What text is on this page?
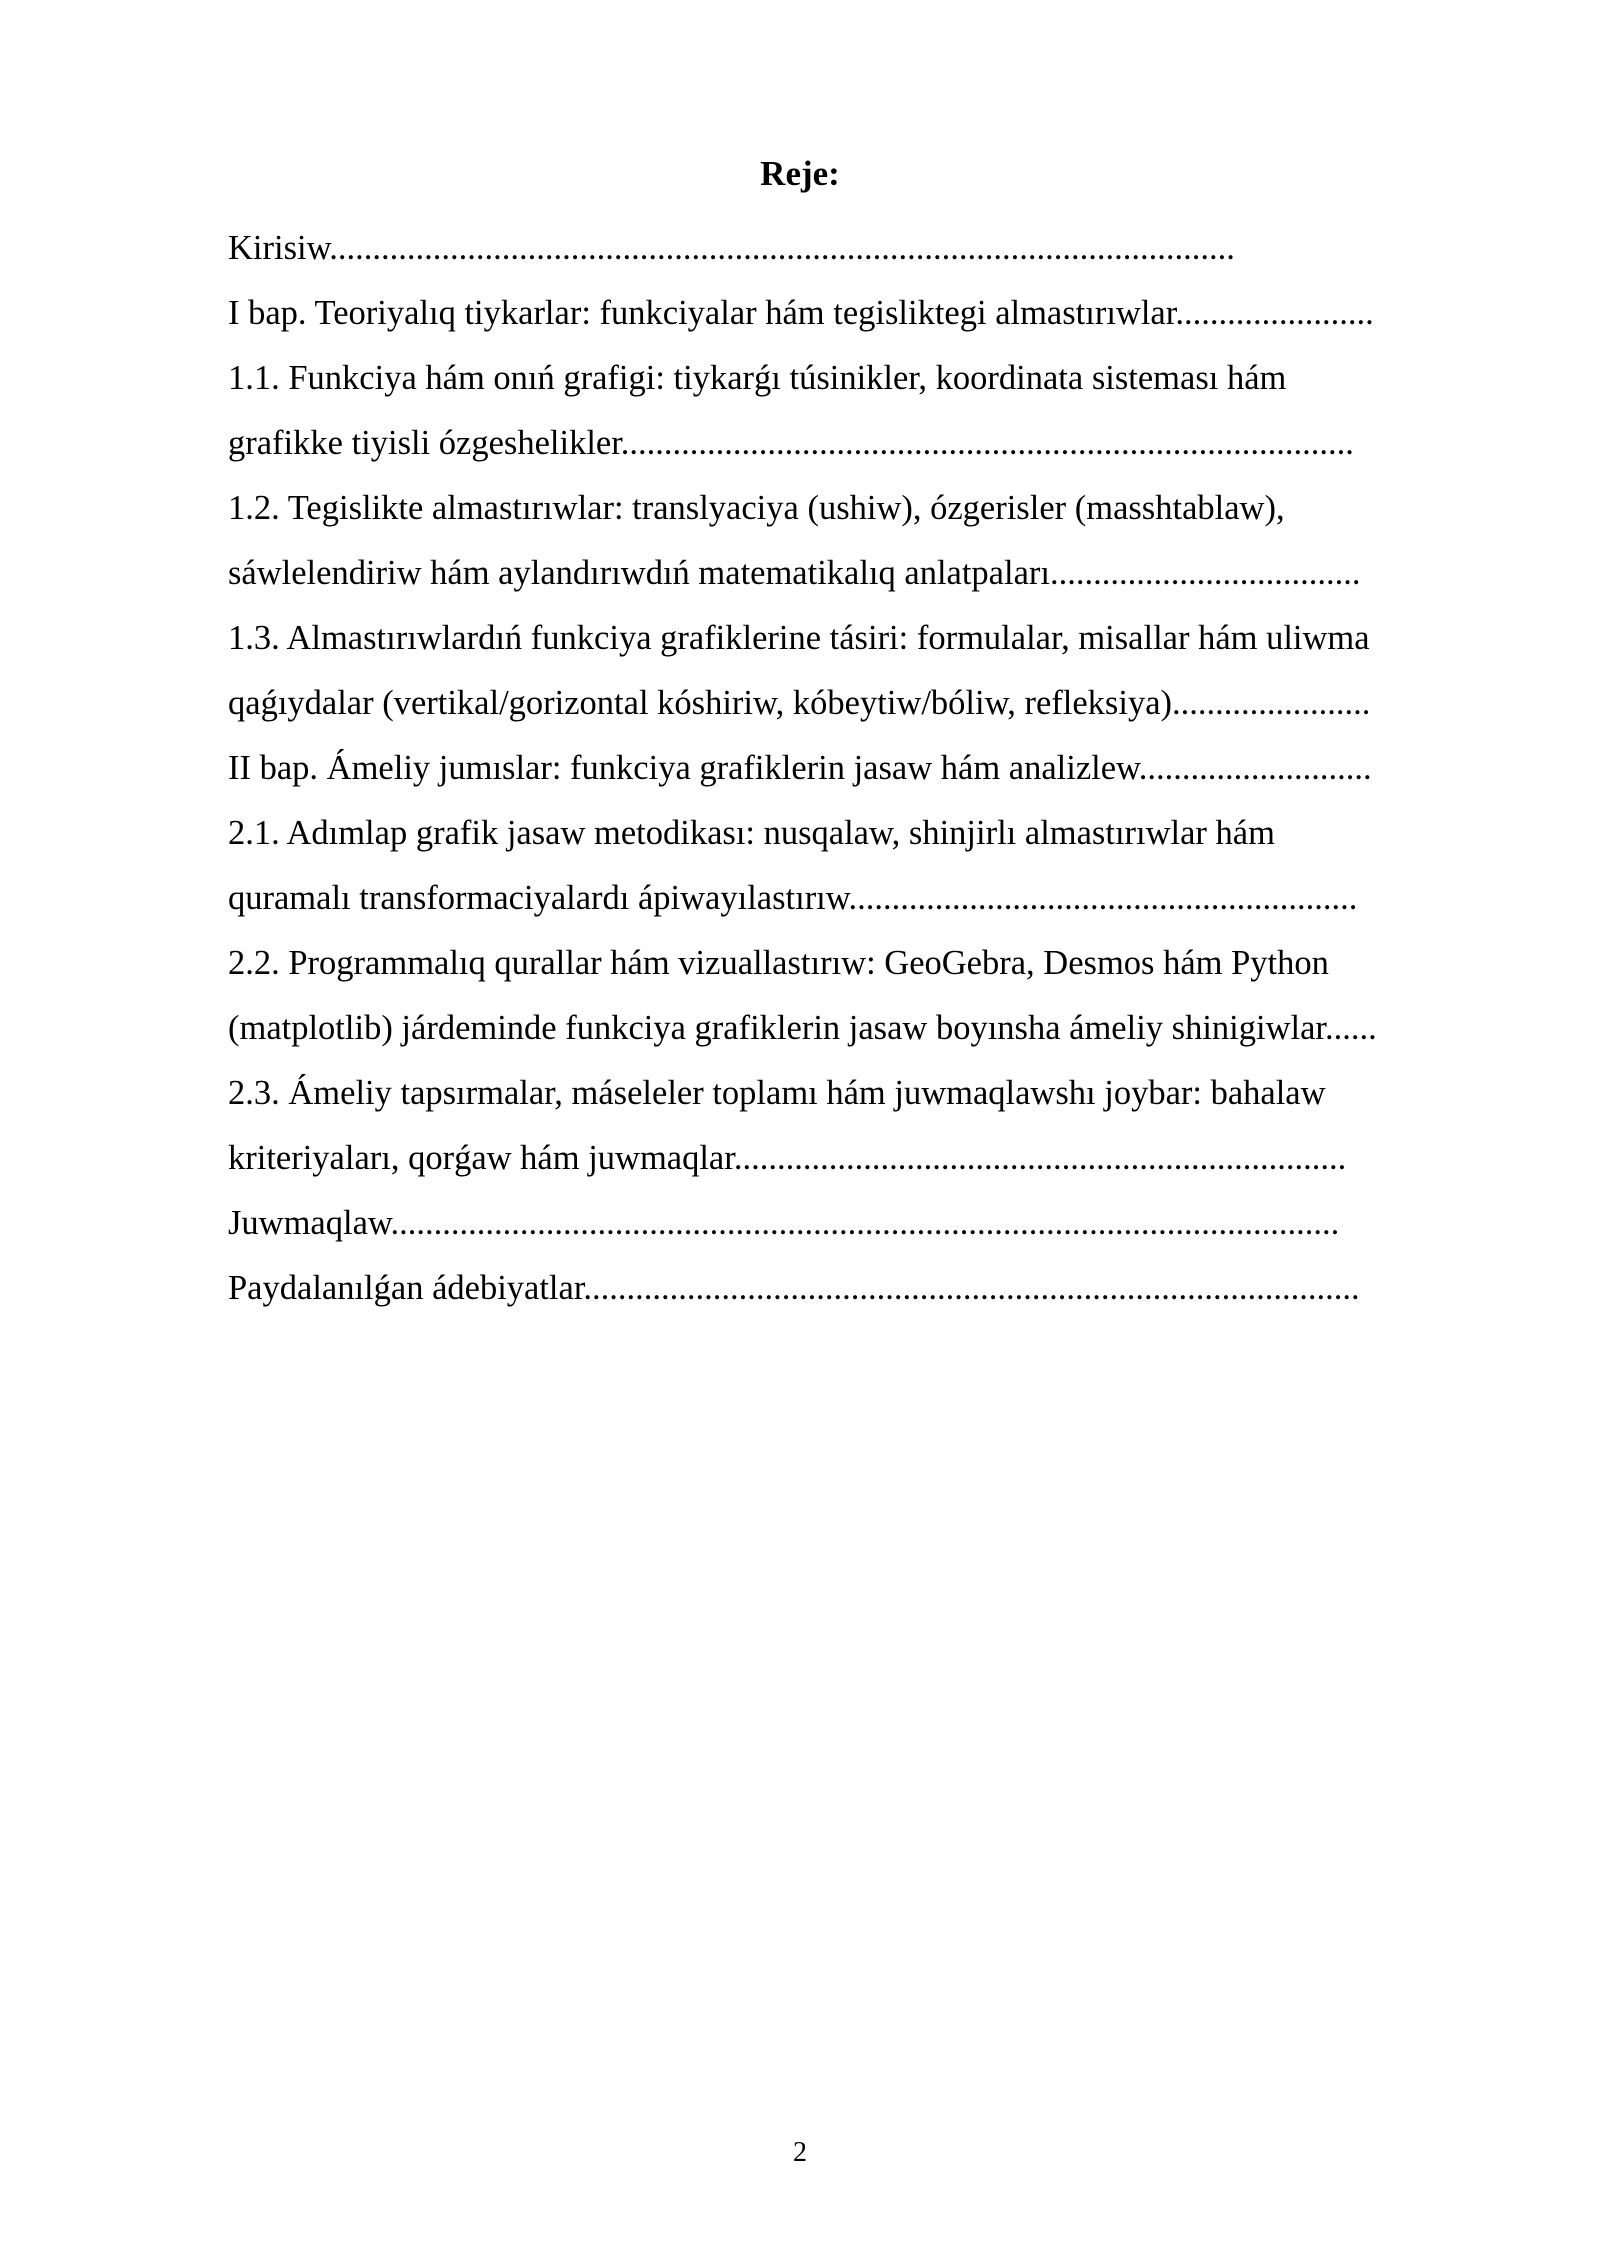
Reje:
Kirisiw.........................................................................................................
I bap. Teoriyalıq tiykarlar: funkciyalar hám tegisliktegi almastırıwlar.......................
1.1. Funkciya hám onıń grafigi: tiykarǵı túsinikler, koordinata sisteması hám
grafikke tiyisli ózgeshelikler.....................................................................................
1.2. Tegislikte almastırıwlar: translyaciya (ushiw), ózgerisler (masshtablaw),
sáwlelendiriw hám aylandırıwdıń matematikalıq anlatpaları....................................
1.3. Almastırıwlardıń funkciya grafiklerine tásiri: formulalar, misallar hám uliwma
qaǵıydalar (vertikal/gorizontal kóshiriw, kóbeytiw/bóliw, refleksiya).......................
II bap. Ámeliy jumıslar: funkciya grafiklerin jasaw hám analizlew...........................
2.1. Adımlap grafik jasaw metodikası: nusqalaw, shinjirlı almastırıwlar hám
quramalı transformaciyalardı ápiwayılastırıw...........................................................
2.2. Programmalıq qurallar hám vizuallastırıw: GeoGebra, Desmos hám Python
(matplotlib) járdeminde funkciya grafiklerin jasaw boyınsha ámeliy shinigiwlar......
2.3. Ámeliy tapsırmalar, máseleler toplamı hám juwmaqlawshı joybar: bahalaw
kriteriyaları, qorǵaw hám juwmaqlar.......................................................................
Juwmaqlaw..............................................................................................................
Paydalanılǵan ádebiyatlar..........................................................................................
2
